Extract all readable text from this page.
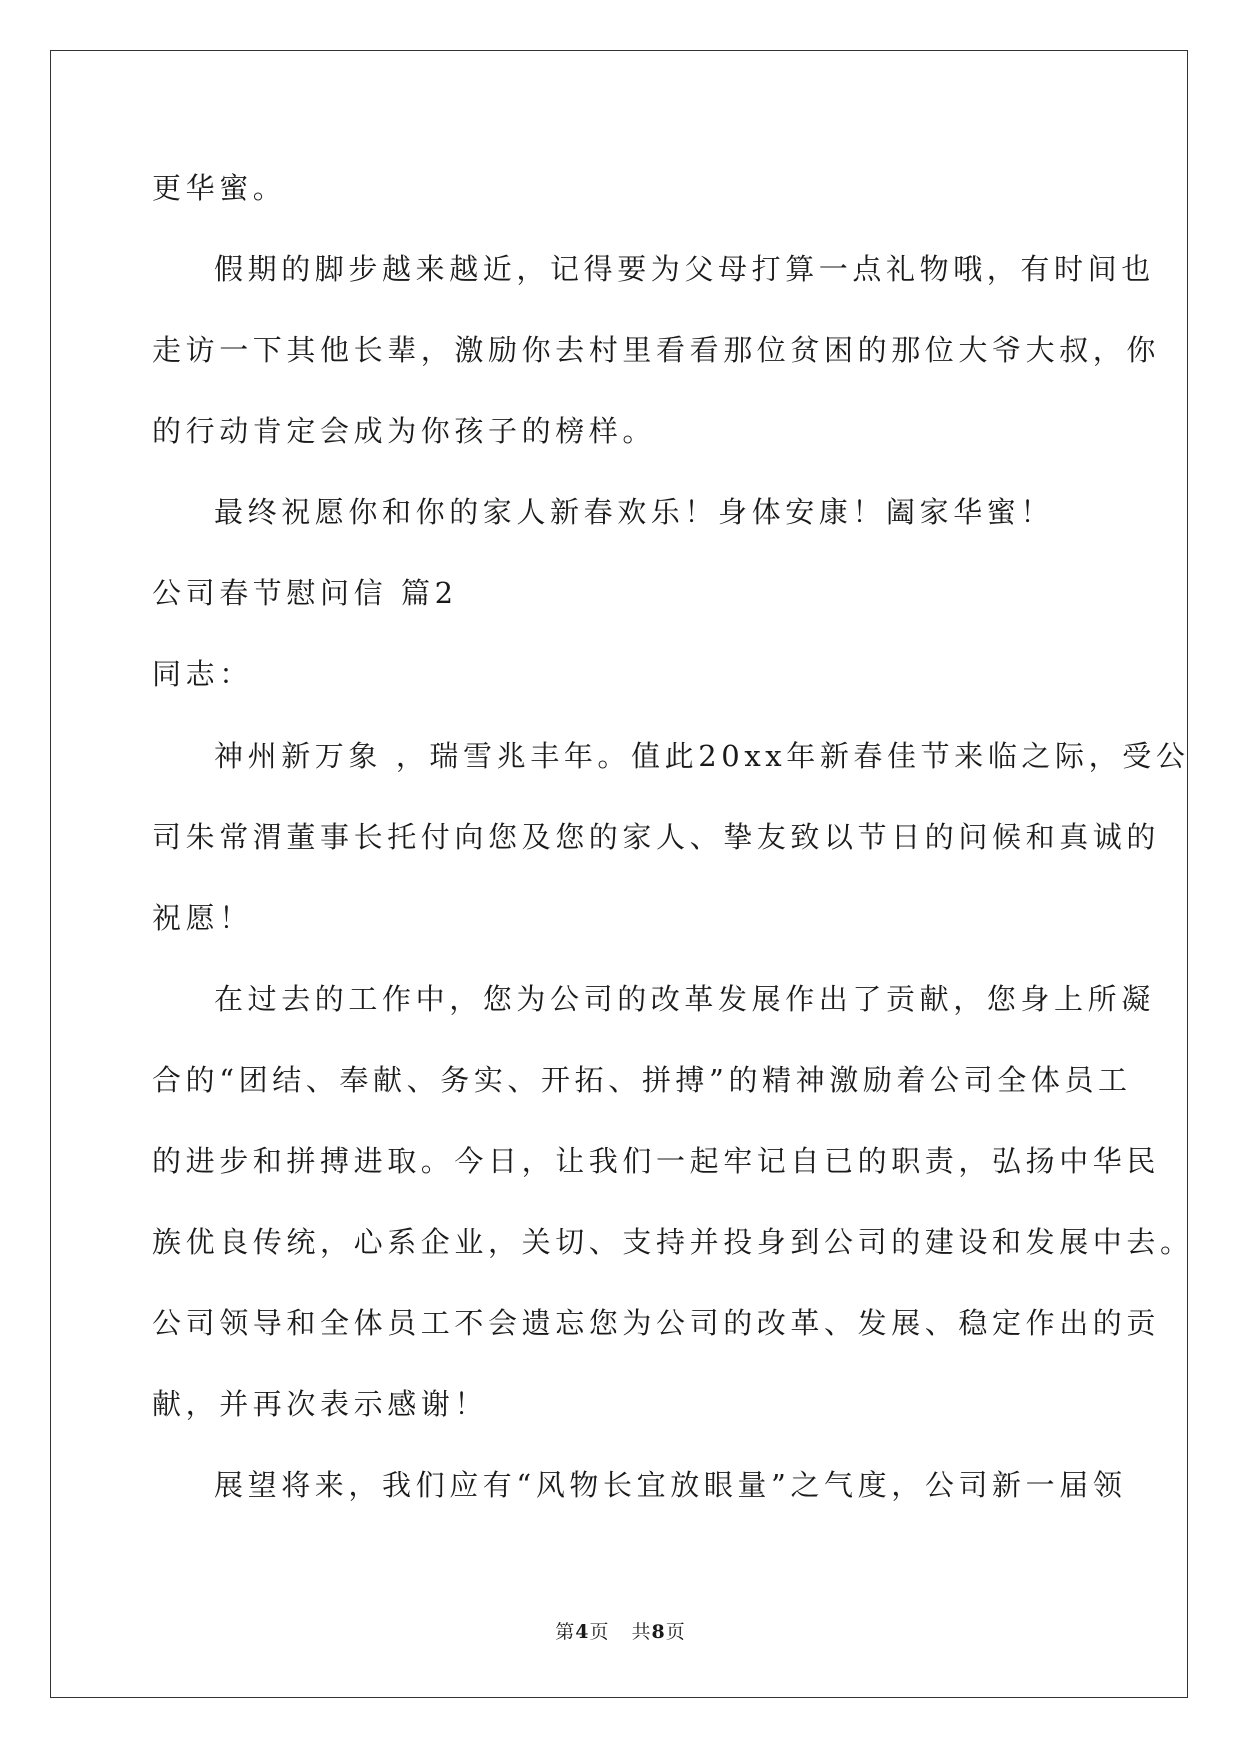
更华蜜。

假期的脚步越来越近，记得要为父母打算一点礼物哦，有时间也

走访一下其他长辈，激励你去村里看看那位贫困的那位大爷大叔，你

的行动肯定会成为你孩子的榜样。

最终祝愿你和你的家人新春欢乐！身体安康！阖家华蜜！

公司春节慰问信 篇2

同志：

神州新万象 ，瑞雪兆丰年。值此20xx年新春佳节来临之际，受公

司朱常渭董事长托付向您及您的家人、挚友致以节日的问候和真诚的

祝愿！

在过去的工作中，您为公司的改革发展作出了贡献，您身上所凝

合的“团结、奉献、务实、开拓、拼搏”的精神激励着公司全体员工

的进步和拼搏进取。今日，让我们一起牢记自已的职责，弘扬中华民

族优良传统，心系企业，关切、支持并投身到公司的建设和发展中去。

公司领导和全体员工不会遗忘您为公司的改革、发展、稳定作出的贡

献，并再次表示感谢！

展望将来，我们应有“风物长宜放眼量”之气度，公司新一届领

第4页 共8页
